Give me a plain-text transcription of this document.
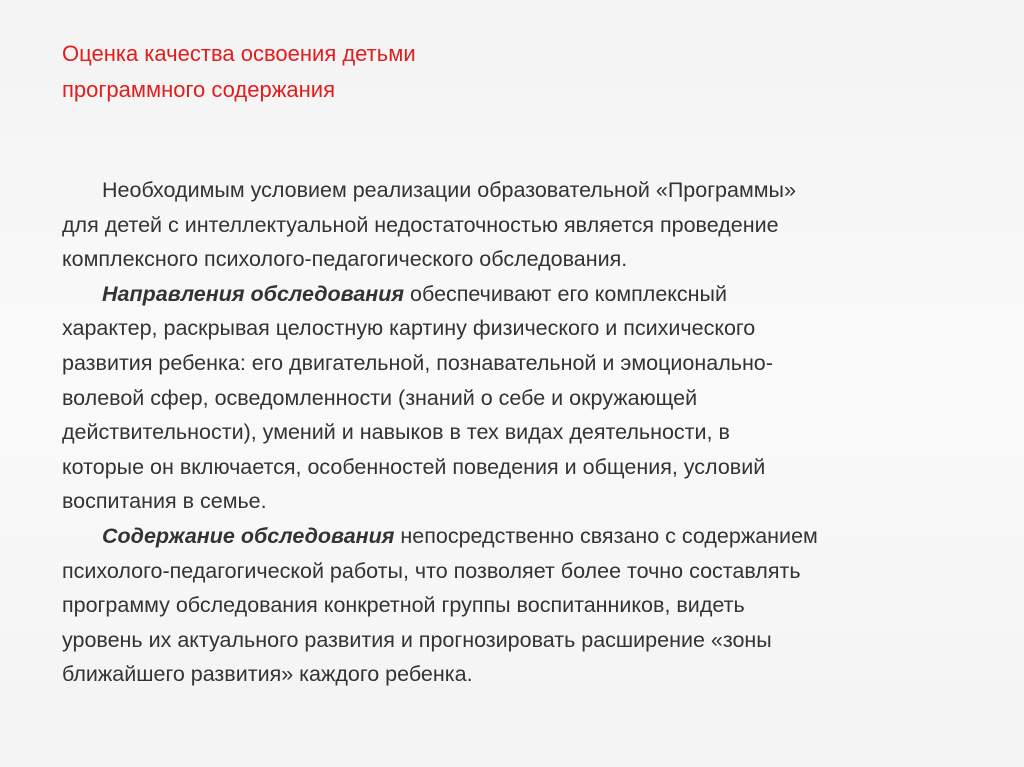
Оценка качества освоения детьми
программного содержания
Необходимым условием реализации образовательной «Программы»
для детей с интеллектуальной недостаточностью является проведение
комплексного психолого-педагогического обследования.
Направления обследования обеспечивают его комплексный
характер, раскрывая целостную картину физического и психического
развития ребенка: его двигательной, познавательной и эмоционально-
волевой сфер, осведомленности (знаний о себе и окружающей
действительности), умений и навыков в тех видах деятельности, в
которые он включается, особенностей поведения и общения, условий
воспитания в семье.
Содержание обследования непосредственно связано с содержанием
психолого-педагогической работы, что позволяет более точно составлять
программу обследования конкретной группы воспитанников, видеть
уровень их актуального развития и прогнозировать расширение «зоны
ближайшего развития» каждого ребенка.
